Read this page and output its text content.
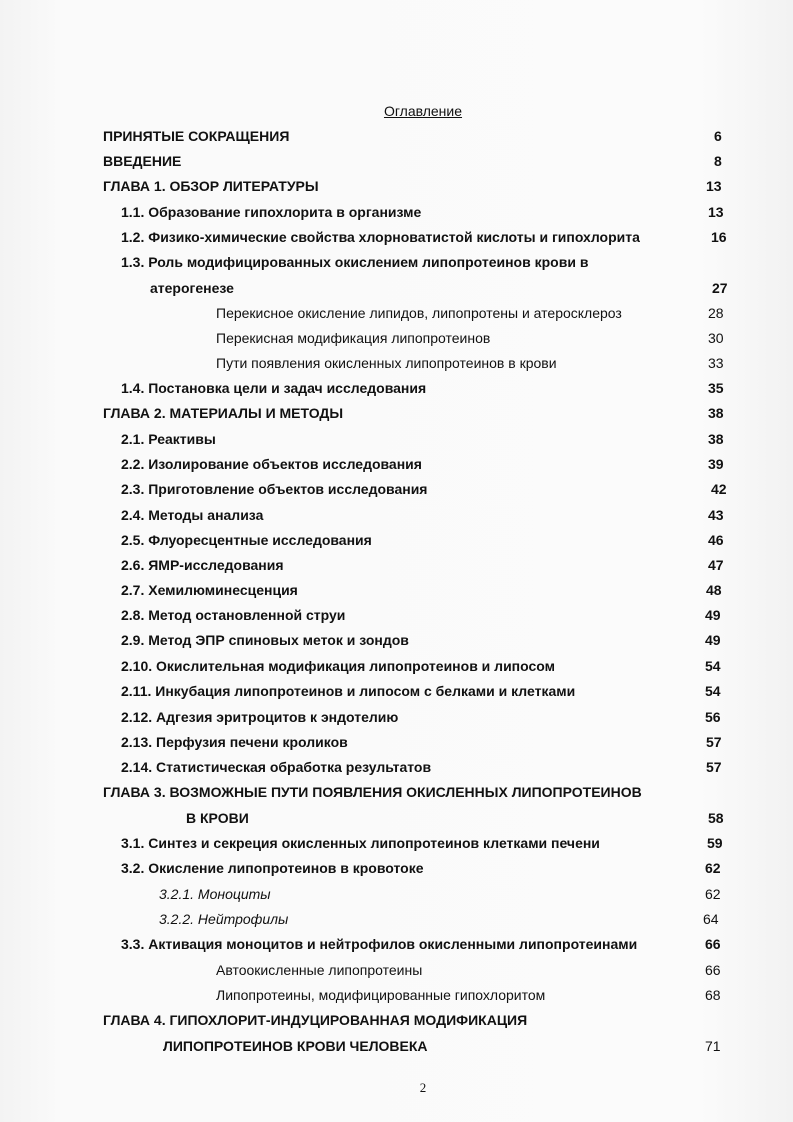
Оглавление
ПРИНЯТЫЕ СОКРАЩЕНИЯ	6
ВВЕДЕНИЕ	8
ГЛАВА 1. ОБЗОР ЛИТЕРАТУРЫ	13
1.1. Образование гипохлорита в организме	13
1.2. Физико-химические свойства хлорноватистой кислоты и гипохлорита	16
1.3. Роль модифицированных окислением липопротеинов крови в
атерогенезе	27
Перекисное окисление липидов, липопротены и атеросклероз	28
Перекисная модификация липопротеинов	30
Пути появления окисленных липопротеинов в крови	33
1.4. Постановка цели и задач исследования	35
ГЛАВА 2. МАТЕРИАЛЫ И МЕТОДЫ	38
2.1. Реактивы	38
2.2. Изолирование объектов исследования	39
2.3. Приготовление объектов исследования	42
2.4. Методы анализа	43
2.5. Флуоресцентные исследования	46
2.6. ЯМР-исследования	47
2.7. Хемилюминесценция	48
2.8. Метод остановленной струи	49
2.9. Метод ЭПР спиновых меток и зондов	49
2.10. Окислительная модификация липопротеинов и липосом	54
2.11. Инкубация липопротеинов и липосом с белками и клетками	54
2.12. Адгезия эритроцитов к эндотелию	56
2.13. Перфузия печени кроликов	57
2.14. Статистическая обработка результатов	57
ГЛАВА 3. ВОЗМОЖНЫЕ ПУТИ ПОЯВЛЕНИЯ ОКИСЛЕННЫХ ЛИПОПРОТЕИНОВ
В КРОВИ	58
3.1. Синтез и секреция окисленных липопротеинов клетками печени	59
3.2. Окисление липопротеинов в кровотоке	62
3.2.1. Моноциты	62
3.2.2. Нейтрофилы	64
3.3. Активация моноцитов и нейтрофилов окисленными липопротеинами	66
Автоокисленные липопротеины	66
Липопротеины, модифицированные гипохлоритом	68
ГЛАВА 4. ГИПОХЛОРИТ-ИНДУЦИРОВАННАЯ МОДИФИКАЦИЯ
ЛИПОПРОТЕИНОВ КРОВИ ЧЕЛОВЕКА	71
2
